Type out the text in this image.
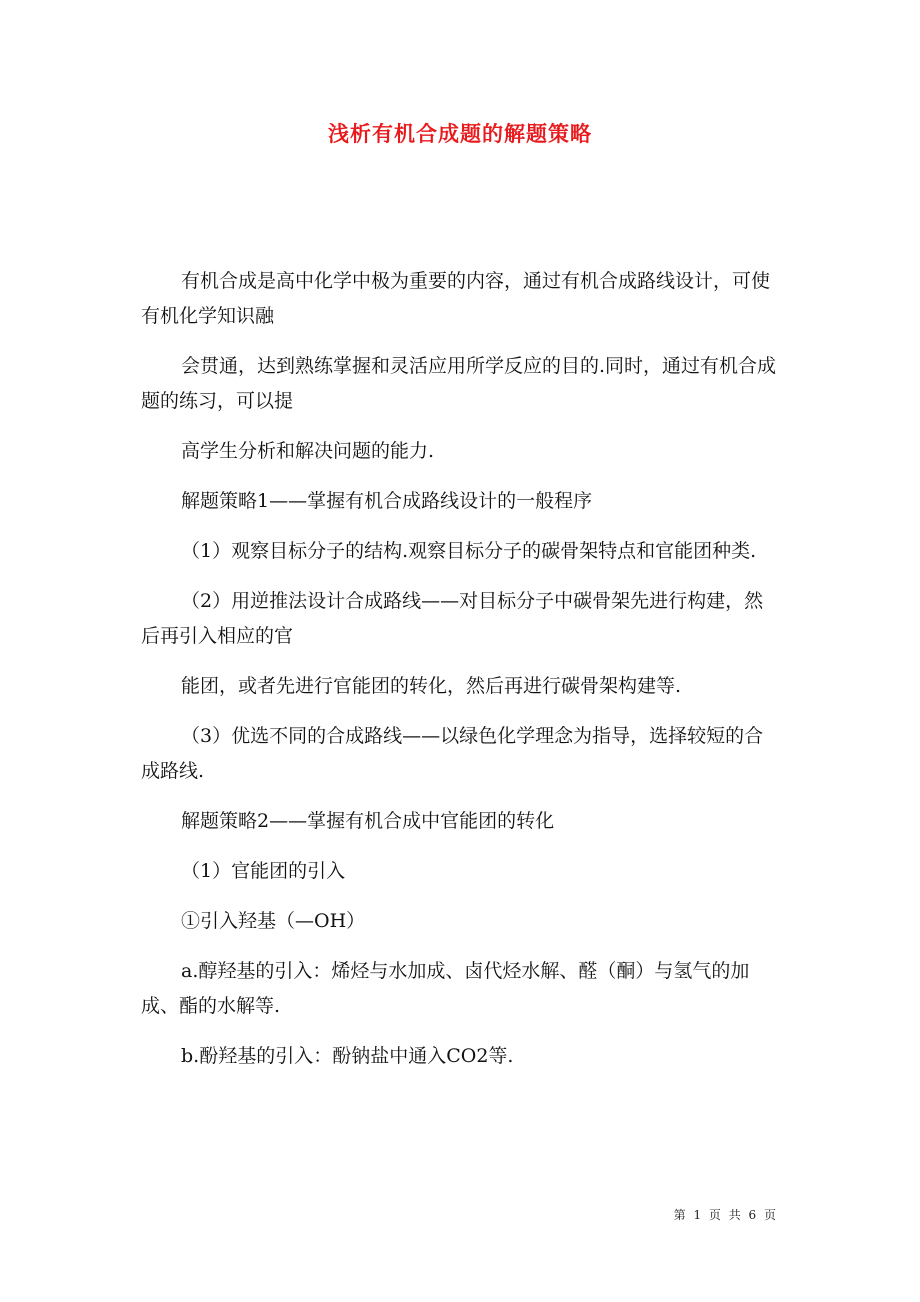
浅析有机合成题的解题策略

有机合成是高中化学中极为重要的内容，通过有机合成路线设计，可使有机化学知识融

会贯通，达到熟练掌握和灵活应用所学反应的目的.同时，通过有机合成题的练习，可以提

高学生分析和解决问题的能力.

解题策略1——掌握有机合成路线设计的一般程序

（1）观察目标分子的结构.观察目标分子的碳骨架特点和官能团种类.

（2）用逆推法设计合成路线——对目标分子中碳骨架先进行构建，然后再引入相应的官

能团，或者先进行官能团的转化，然后再进行碳骨架构建等.

（3）优选不同的合成路线——以绿色化学理念为指导，选择较短的合成路线.

解题策略2——掌握有机合成中官能团的转化

（1）官能团的引入

①引入羟基（—OH）

a.醇羟基的引入：烯烃与水加成、卤代烃水解、醛（酮）与氢气的加成、酯的水解等.

b.酚羟基的引入：酚钠盐中通入CO2等.

第 1 页 共 6 页
